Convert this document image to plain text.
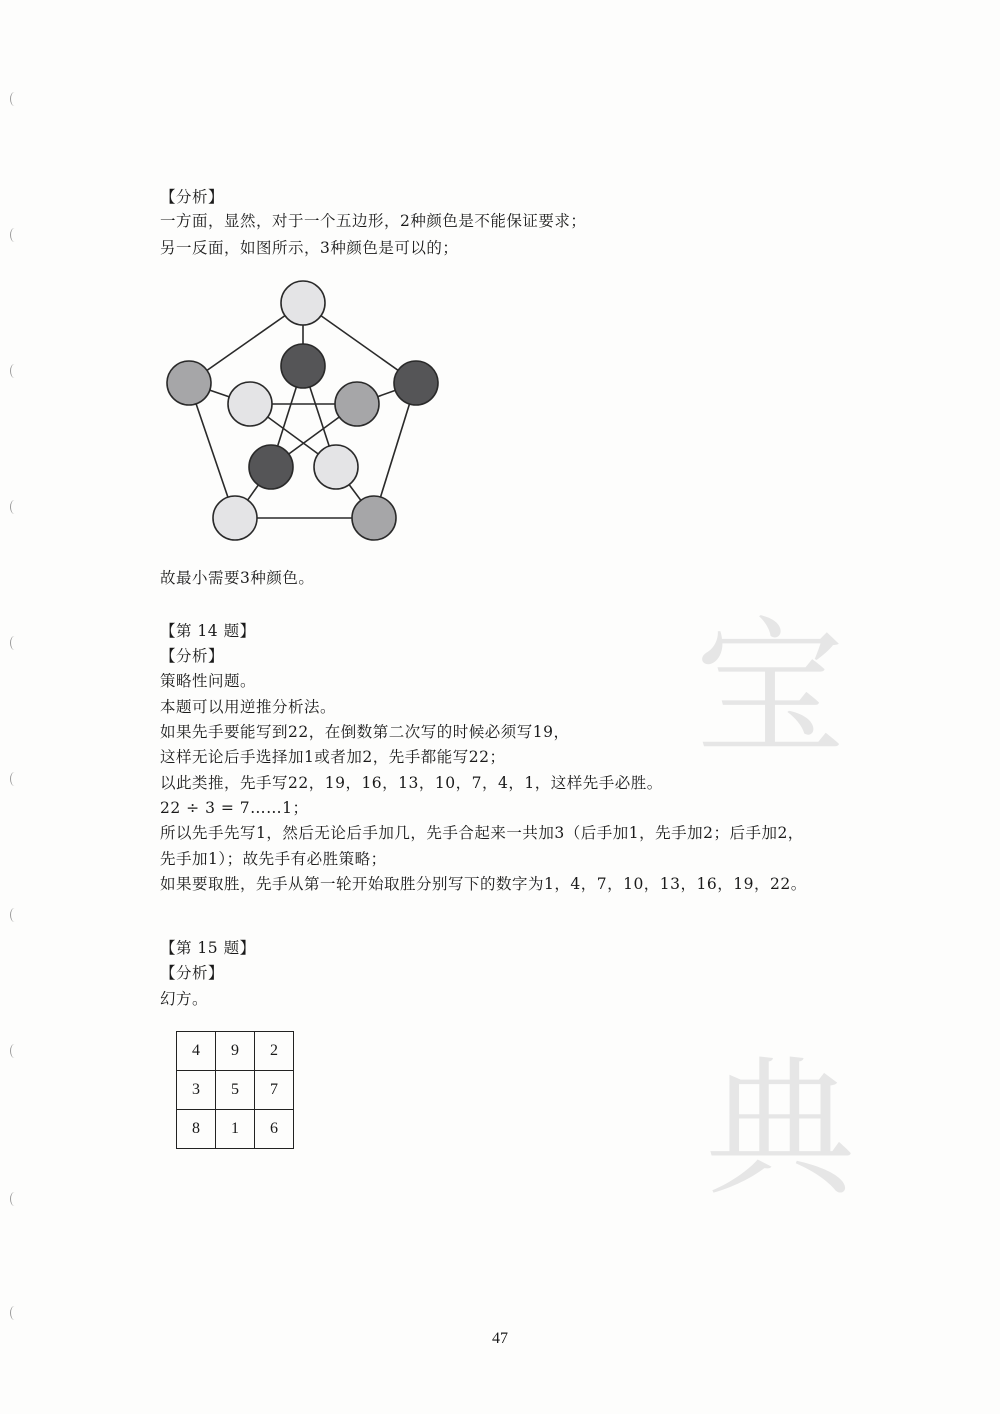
宝
典
【分析】
一方面，显然，对于一个五边形，2种颜色是不能保证要求；
另一反面，如图所示，3种颜色是可以的；
故最小需要3种颜色。
【第 14 题】
【分析】
策略性问题。
本题可以用逆推分析法。
如果先手要能写到22，在倒数第二次写的时候必须写19，
这样无论后手选择加1或者加2，先手都能写22；
以此类推，先手写22，19，16，13，10，7，4，1，这样先手必胜。
22 ÷ 3 = 7……1；
所以先手先写1，然后无论后手加几，先手合起来一共加3（后手加1，先手加2；后手加2，
先手加1）；故先手有必胜策略；
如果要取胜，先手从第一轮开始取胜分别写下的数字为1，4，7，10，13，16，19，22。
【第 15 题】
【分析】
幻方。
4	9	2
3	5	7
8	1	6
47
